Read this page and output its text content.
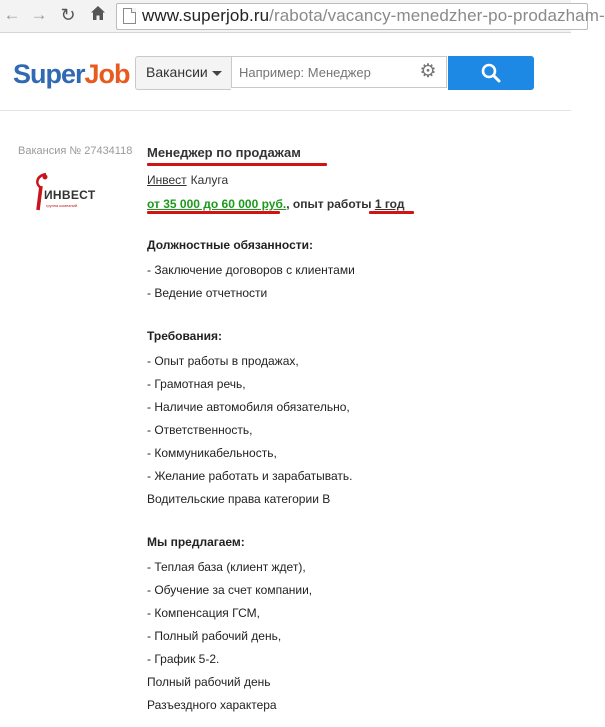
← → ↻	www.superjob.ru/rabota/vacancy-menedzher-po-prodazham-
SuperJob Вакансии
Например: Менеджер	⚙
Вакансия № 27434118
ИНВЕСТ
группа компаний
Менеджер по продажам
Инвест Калуга
от 35 000 до 60 000 руб., опыт работы 1 год
Должностные обязанности:
- Заключение договоров с клиентами
- Ведение отчетности
Требования:
- Опыт работы в продажах,
- Грамотная речь,
- Наличие автомобиля обязательно,
- Ответственность,
- Коммуникабельность,
- Желание работать и зарабатывать.
Водительские права категории В
Мы предлагаем:
- Теплая база (клиент ждет),
- Обучение за счет компании,
- Компенсация ГСМ,
- Полный рабочий день,
- График 5-2.
Полный рабочий день
Разъездного характера
